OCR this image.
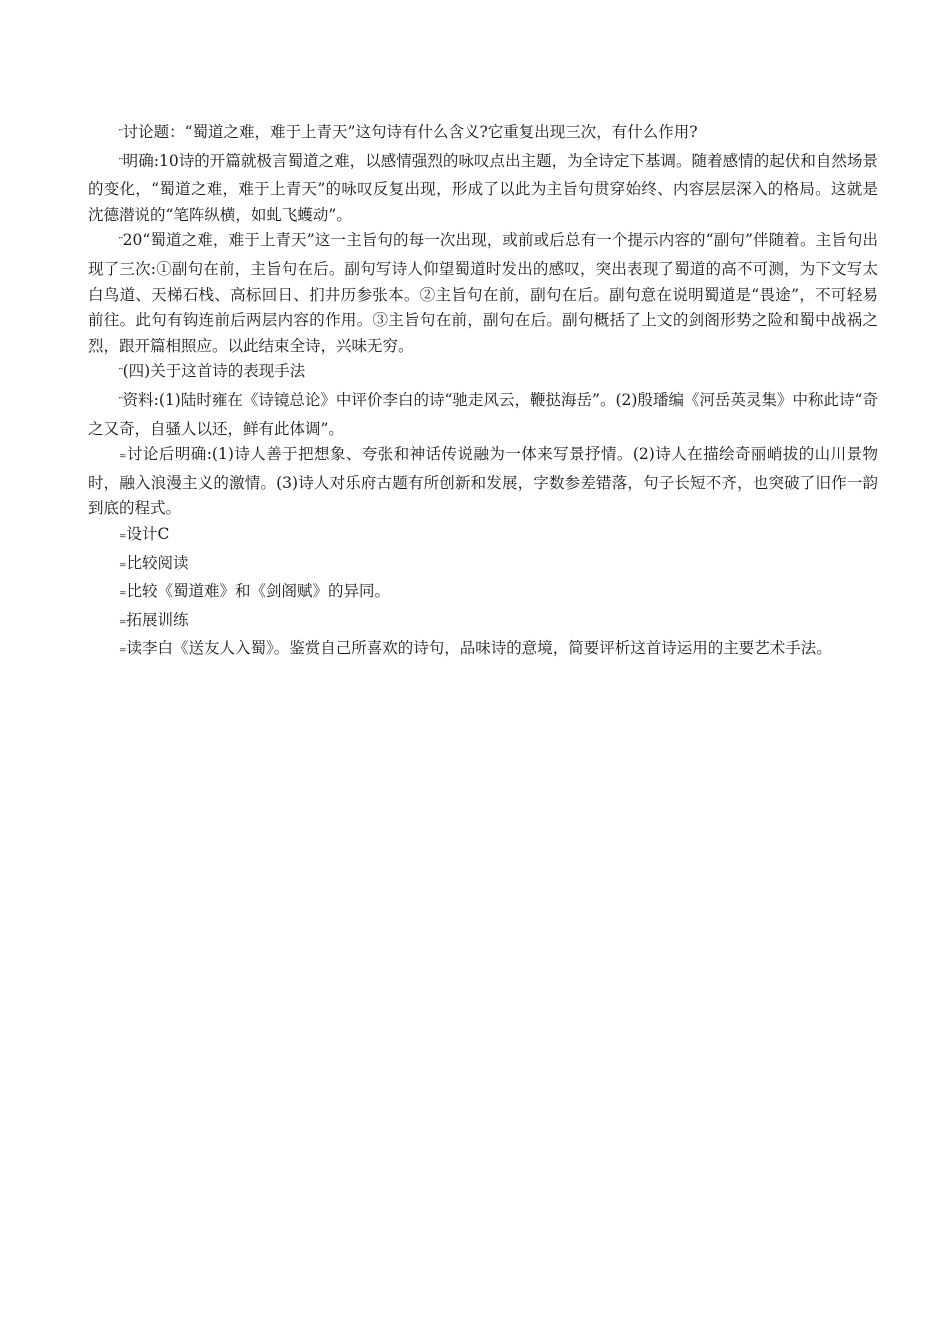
⎴讨论题：“蜀道之难，难于上青天”这句诗有什么含义?它重复出现三次，有什么作用?

⎴明确:10诗的开篇就极言蜀道之难，以感情强烈的咏叹点出主题，为全诗定下基调。随着感情的起伏和自然场景的变化，“蜀道之难，难于上青天”的咏叹反复出现，形成了以此为主旨句贯穿始终、内容层层深入的格局。这就是沈德潜说的“笔阵纵横，如虬飞蠖动”。

⎴20“蜀道之难，难于上青天”这一主旨句的每一次出现，或前或后总有一个提示内容的“副句”伴随着。主旨句出现了三次:①副句在前，主旨句在后。副句写诗人仰望蜀道时发出的感叹，突出表现了蜀道的高不可测，为下文写太白鸟道、天梯石栈、高标回日、扪井历参张本。②主旨句在前，副句在后。副句意在说明蜀道是“畏途”，不可轻易前往。此句有钩连前后两层内容的作用。③主旨句在前，副句在后。副句概括了上文的剑阁形势之险和蜀中战祸之烈，跟开篇相照应。以此结束全诗，兴味无穷。

⎴(四)关于这首诗的表现手法

⎴资料:(1)陆时雍在《诗镜总论》中评价李白的诗“驰走风云，鞭挞海岳”。(2)殷璠编《河岳英灵集》中称此诗“奇之又奇，自骚人以还，鲜有此体调”。

=讨论后明确:(1)诗人善于把想象、夸张和神话传说融为一体来写景抒情。(2)诗人在描绘奇丽峭拔的山川景物时，融入浪漫主义的激情。(3)诗人对乐府古题有所创新和发展，字数参差错落，句子长短不齐，也突破了旧作一韵到底的程式。

=设计C

=比较阅读

=比较《蜀道难》和《剑阁赋》的异同。

=拓展训练

=读李白《送友人入蜀》。鉴赏自己所喜欢的诗句，品味诗的意境，简要评析这首诗运用的主要艺术手法。
